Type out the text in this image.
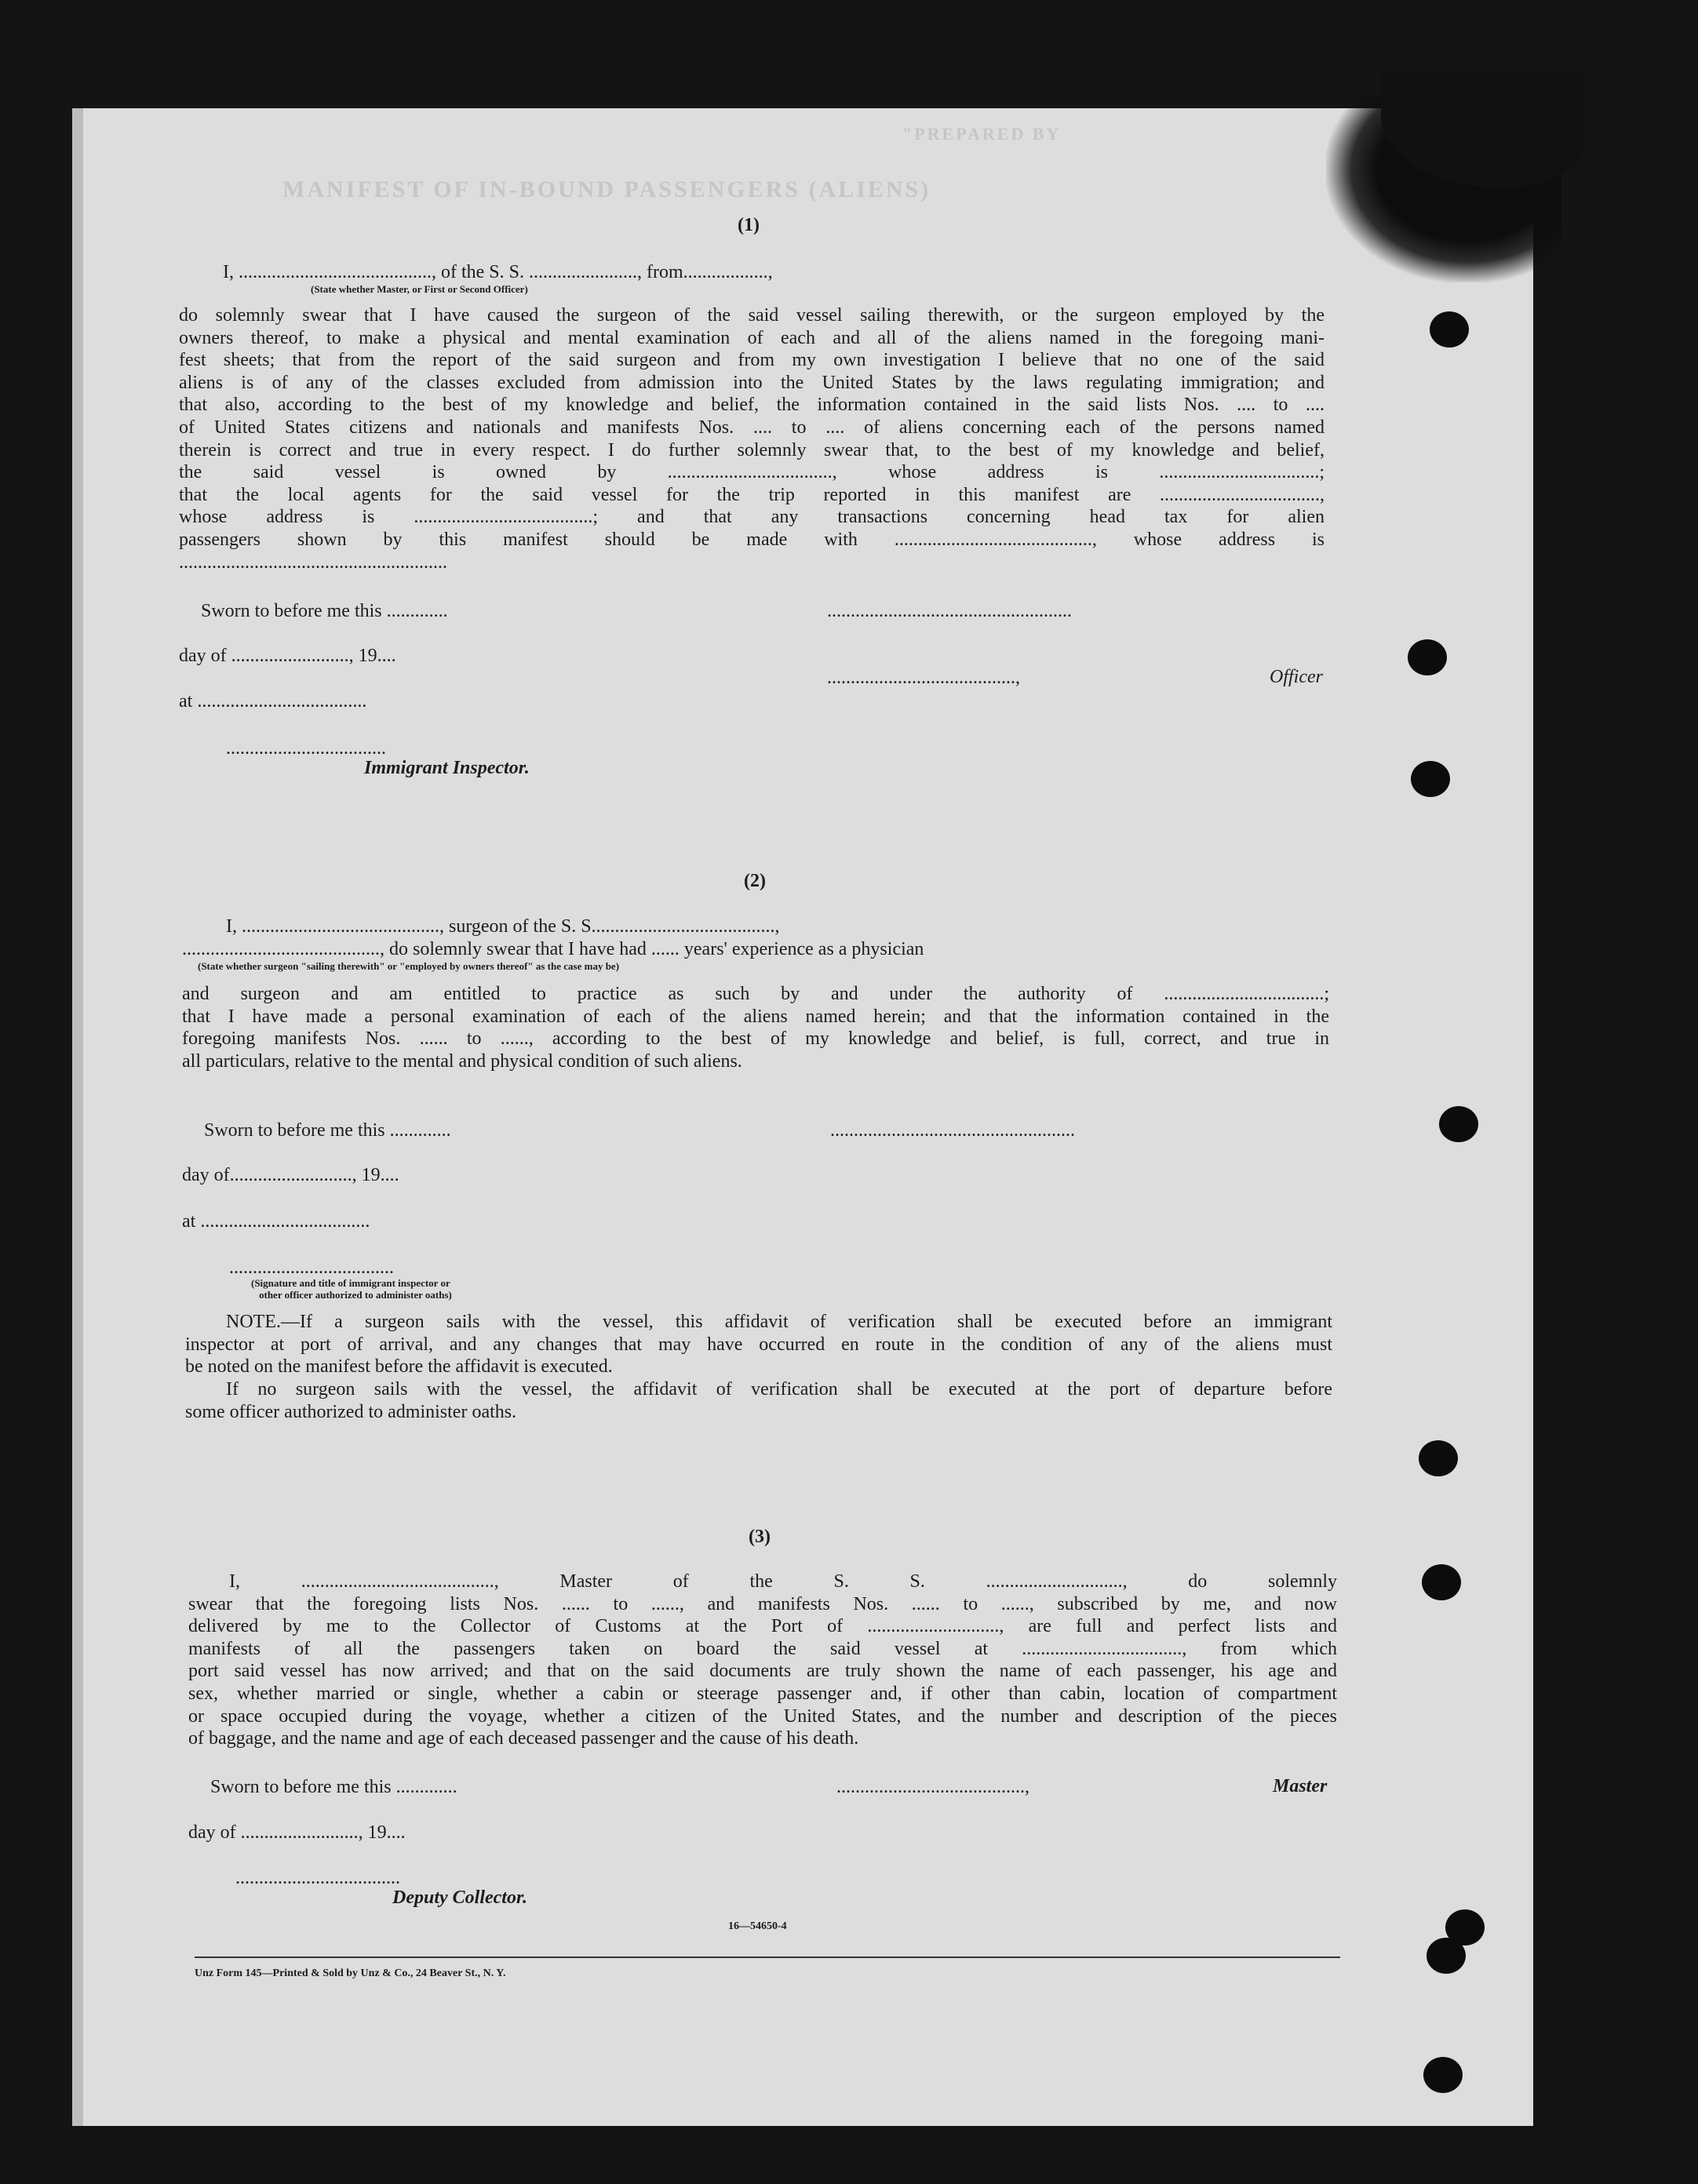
"PREPARED BY
MANIFEST OF IN-BOUND PASSENGERS (ALIENS)
(1)
I, ........................................., of the S. S. ......................., from..................,
(State whether Master, or First or Second Officer)
do solemnly swear that I have caused the surgeon of the said vessel sailing therewith, or the surgeon employed by the
owners thereof, to make a physical and mental examination of each and all of the aliens named in the foregoing mani-
fest sheets; that from the report of the said surgeon and from my own investigation I believe that no one of the said
aliens is of any of the classes excluded from admission into the United States by the laws regulating immigration; and
that also, according to the best of my knowledge and belief, the information contained in the said lists Nos. .... to ....
of United States citizens and nationals and manifests Nos. .... to .... of aliens concerning each of the persons named
therein is correct and true in every respect. I do further solemnly swear that, to the best of my knowledge and belief,
the said vessel is owned by ..................................., whose address is ..................................;
that the local agents for the said vessel for the trip reported in this manifest are ..................................,
whose address is ......................................; and that any transactions concerning head tax for alien
passengers shown by this manifest should be made with .........................................., whose address is
.........................................................
Sworn to before me this .............	....................................................
day of ........................., 19....
........................................,	Officer
at ....................................
..................................
Immigrant Inspector.
(2)
I, .........................................., surgeon of the S. S.......................................,
.........................................., do solemnly swear that I have had ...... years' experience as a physician
(State whether surgeon "sailing therewith" or "employed by owners thereof" as the case may be)
and surgeon and am entitled to practice as such by and under the authority of ..................................;
that I have made a personal examination of each of the aliens named herein; and that the information contained in the
foregoing manifests Nos. ...... to ......, according to the best of my knowledge and belief, is full, correct, and true in
all particulars, relative to the mental and physical condition of such aliens.
Sworn to before me this .............	....................................................
day of.........................., 19....
at ....................................
...................................
(Signature and title of immigrant inspector or
other officer authorized to administer oaths)
NOTE.—If a surgeon sails with the vessel, this affidavit of verification shall be executed before an immigrant
inspector at port of arrival, and any changes that may have occurred en route in the condition of any of the aliens must
be noted on the manifest before the affidavit is executed.
If no surgeon sails with the vessel, the affidavit of verification shall be executed at the port of departure before
some officer authorized to administer oaths.
(3)
I, ........................................., Master of the S. S. ............................., do solemnly
swear that the foregoing lists Nos. ...... to ......, and manifests Nos. ...... to ......, subscribed by me, and now
delivered by me to the Collector of Customs at the Port of ............................, are full and perfect lists and
manifests of all the passengers taken on board the said vessel at .................................., from which
port said vessel has now arrived; and that on the said documents are truly shown the name of each passenger, his age and
sex, whether married or single, whether a cabin or steerage passenger and, if other than cabin, location of compartment
or space occupied during the voyage, whether a citizen of the United States, and the number and description of the pieces
of baggage, and the name and age of each deceased passenger and the cause of his death.
Sworn to before me this .............	........................................,	Master
day of ........................., 19....
...................................
Deputy Collector.
16—54650-4
Unz Form 145—Printed & Sold by Unz & Co., 24 Beaver St., N. Y.
